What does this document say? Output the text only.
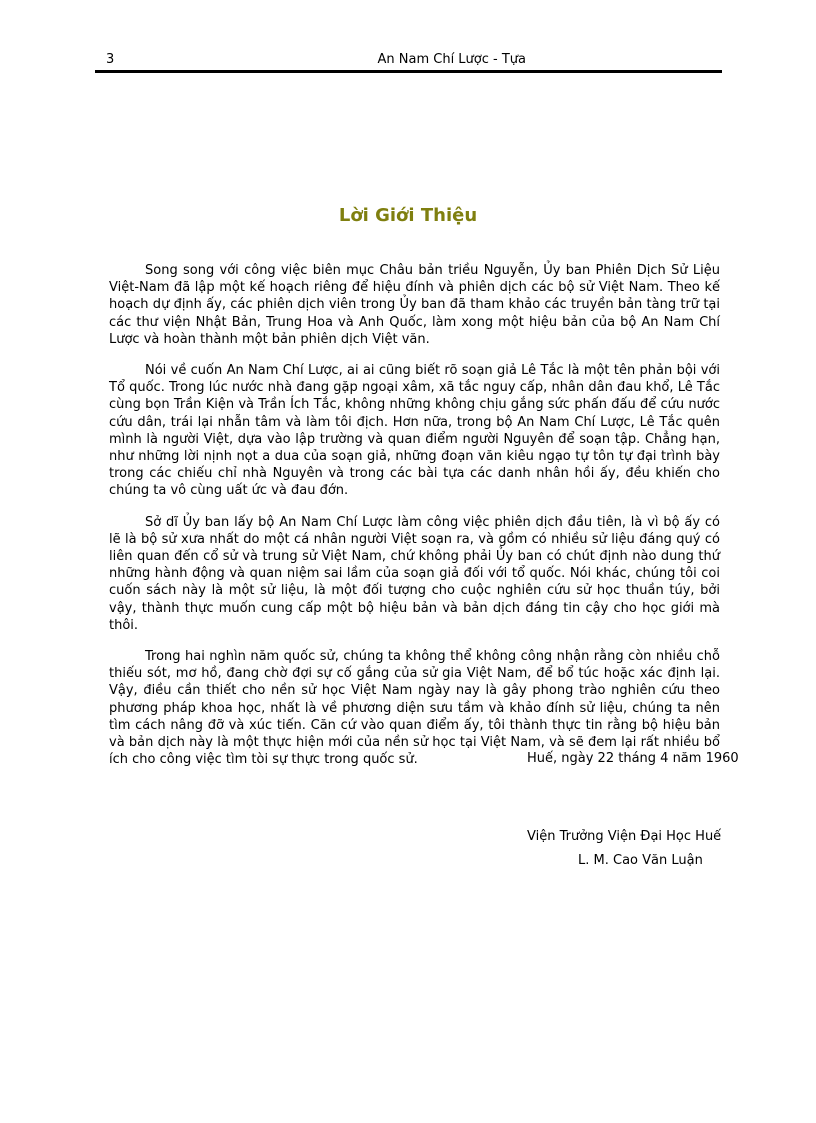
3	An Nam Chí Lược - Tựa
Lời Giới Thiệu

Song song với công việc biên mục Châu bản triều Nguyễn, Ủy ban Phiên Dịch Sử Liệu Việt-Nam đã lập một kế hoạch riêng để hiệu đính và phiên dịch các bộ sử Việt Nam. Theo kế hoạch dự định ấy, các phiên dịch viên trong Ủy ban đã tham khảo các truyền bản tàng trữ tại các thư viện Nhật Bản, Trung Hoa và Anh Quốc, làm xong một hiệu bản của bộ An Nam Chí Lược và hoàn thành một bản phiên dịch Việt văn.

Nói về cuốn An Nam Chí Lược, ai ai cũng biết rõ soạn giả Lê Tắc là một tên phản bội với Tổ quốc. Trong lúc nước nhà đang gặp ngoại xâm, xã tắc nguy cấp, nhân dân đau khổ, Lê Tắc cùng bọn Trần Kiện và Trần Ích Tắc, không những không chịu gắng sức phấn đấu để cứu nước cứu dân, trái lại nhẫn tâm và làm tôi địch. Hơn nữa, trong bộ An Nam Chí Lược, Lê Tắc quên mình là người Việt, dựa vào lập trường và quan điểm người Nguyên để soạn tập. Chẳng hạn, như những lời nịnh nọt a dua của soạn giả, những đoạn văn kiêu ngạo tự tôn tự đại trình bày trong các chiếu chỉ nhà Nguyên và trong các bài tựa các danh nhân hồi ấy, đều khiến cho chúng ta vô cùng uất ức và đau đớn.

Sở dĩ Ủy ban lấy bộ An Nam Chí Lược làm công việc phiên dịch đầu tiên, là vì bộ ấy có lẽ là bộ sử xưa nhất do một cá nhân người Việt soạn ra, và gồm có nhiều sử liệu đáng quý có liên quan đến cổ sử và trung sử Việt Nam, chứ không phải Ủy ban có chút định nào dung thứ những hành động và quan niệm sai lầm của soạn giả đối với tổ quốc. Nói khác, chúng tôi coi cuốn sách này là một sử liệu, là một đối tượng cho cuộc nghiên cứu sử học thuần túy, bởi vậy, thành thực muốn cung cấp một bộ hiệu bản và bản dịch đáng tin cậy cho học giới mà thôi.

Trong hai nghìn năm quốc sử, chúng ta không thể không công nhận rằng còn nhiều chỗ thiếu sót, mơ hồ, đang chờ đợi sự cố gắng của sử gia Việt Nam, để bổ túc hoặc xác định lại. Vậy, điều cần thiết cho nền sử học Việt Nam ngày nay là gây phong trào nghiên cứu theo phương pháp khoa học, nhất là về phương diện sưu tầm và khảo đính sử liệu, chúng ta nên tìm cách nâng đỡ và xúc tiến. Căn cứ vào quan điểm ấy, tôi thành thực tin rằng bộ hiệu bản và bản dịch này là một thực hiện mới của nền sử học tại Việt Nam, và sẽ đem lại rất nhiều bổ ích cho công việc tìm tòi sự thực trong quốc sử.	Huế, ngày 22 tháng 4 năm 1960
Viện Trưởng Viện Đại Học Huế
L. M. Cao Văn Luận
